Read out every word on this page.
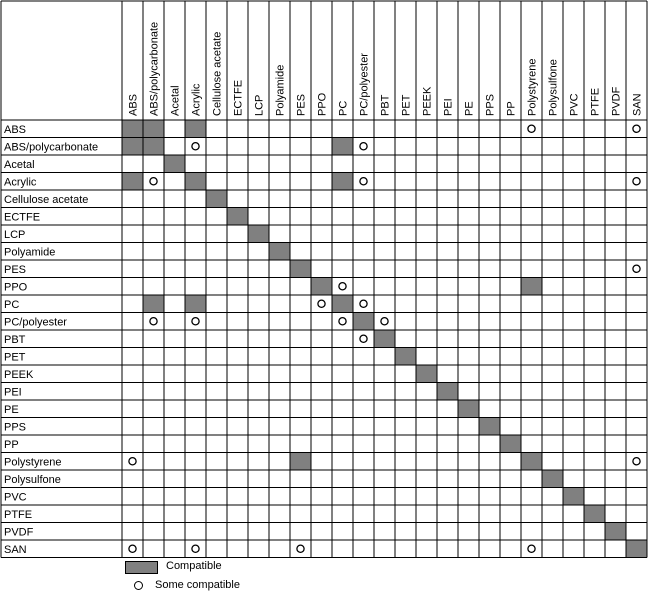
ABS
ABS/polycarbonate
Acetal
Acrylic
Cellulose acetate
ECTFE
LCP
Polyamide
PES
PPO
PC
PC/polyester
PBT
PET
PEEK
PEI
PE
PPS
PP
Polystyrene
Polysulfone
PVC
PTFE
PVDF
SAN
ABS ABS/polycarbonate Acetal Acrylic Cellulose acetate ECTFE LCP Polyamide PES PPO PC PC/polyester PBT PET PEEK PEI PE PPS PP Polystyrene Polysulfone PVC PTFE PVDF SAN
Compatible
Some compatible
